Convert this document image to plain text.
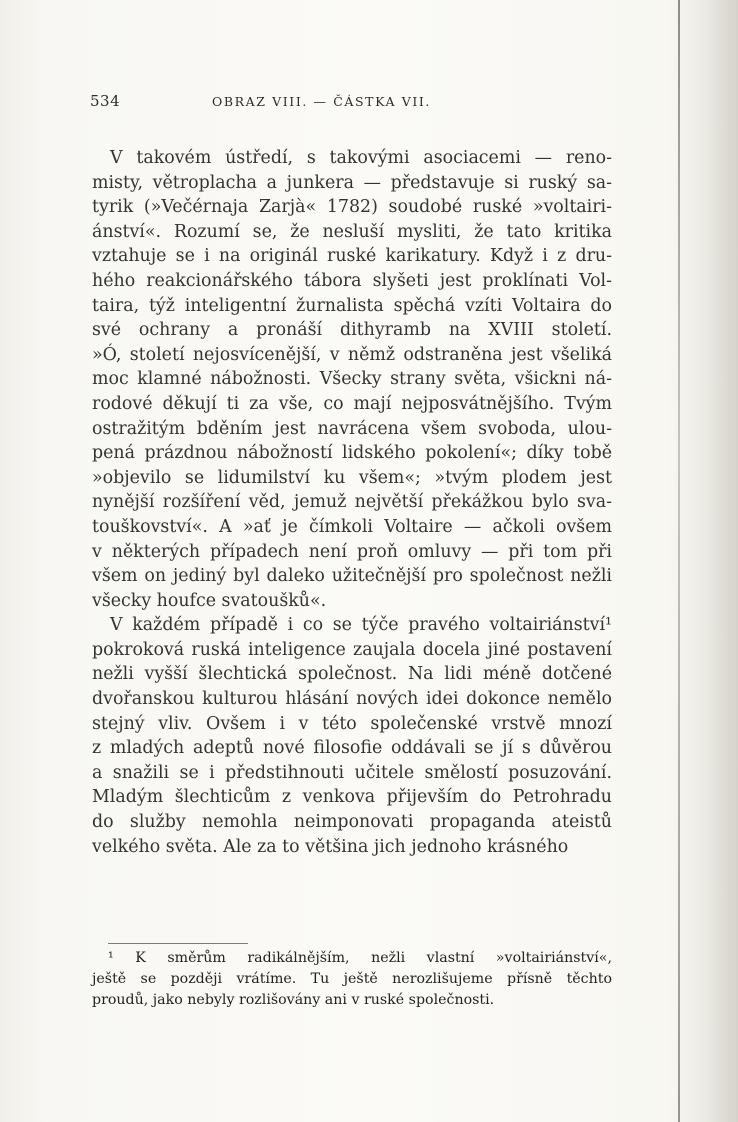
534	OBRAZ VIII. — ČÁSTKA VII.
V takovém ústředí, s takovými asociacemi — reno-
misty, větroplacha a junkera — představuje si ruský sa-
tyrik (»Večérnaja Zarjà« 1782) soudobé ruské »voltairi-
ánství«. Rozumí se, že nesluší mysliti, že tato kritika
vztahuje se i na originál ruské karikatury. Když i z dru-
hého reakcionářského tábora slyšeti jest proklínati Vol-
taira, týž inteligentní žurnalista spěchá vzíti Voltaira do
své ochrany a pronáší dithyramb na XVIII století.
»Ó, století nejosvícenější, v němž odstraněna jest všeliká
moc klamné nábožnosti. Všecky strany světa, všickni ná-
rodové děkují ti za vše, co mají nejposvátnějšího. Tvým
ostražitým bděním jest navrácena všem svoboda, ulou-
pená prázdnou nábožností lidského pokolení«; díky tobě
»objevilo se lidumilství ku všem«; »tvým plodem jest
nynější rozšíření věd, jemuž největší překážkou bylo sva-
touškovství«. A »ať je čímkoli Voltaire — ačkoli ovšem
v některých případech není proň omluvy — při tom při
všem on jediný byl daleko užitečnější pro společnost nežli
všecky houfce svatoušků«.
V každém případě i co se týče pravého voltairiánství¹
pokroková ruská inteligence zaujala docela jiné postavení
nežli vyšší šlechtická společnost. Na lidi méně dotčené
dvořanskou kulturou hlásání nových idei dokonce nemělo
stejný vliv. Ovšem i v této společenské vrstvě mnozí
z mladých adeptů nové filosofie oddávali se jí s důvěrou
a snažili se i předstihnouti učitele smělostí posuzování.
Mladým šlechticům z venkova přijevším do Petrohradu
do služby nemohla neimponovati propaganda ateistů
velkého světa. Ale za to většina jich jednoho krásného
¹ K směrům radikálnějším, nežli vlastní »voltairiánství«,
ještě se později vrátíme. Tu ještě nerozlišujeme přísně těchto
proudů, jako nebyly rozlišovány ani v ruské společnosti.
